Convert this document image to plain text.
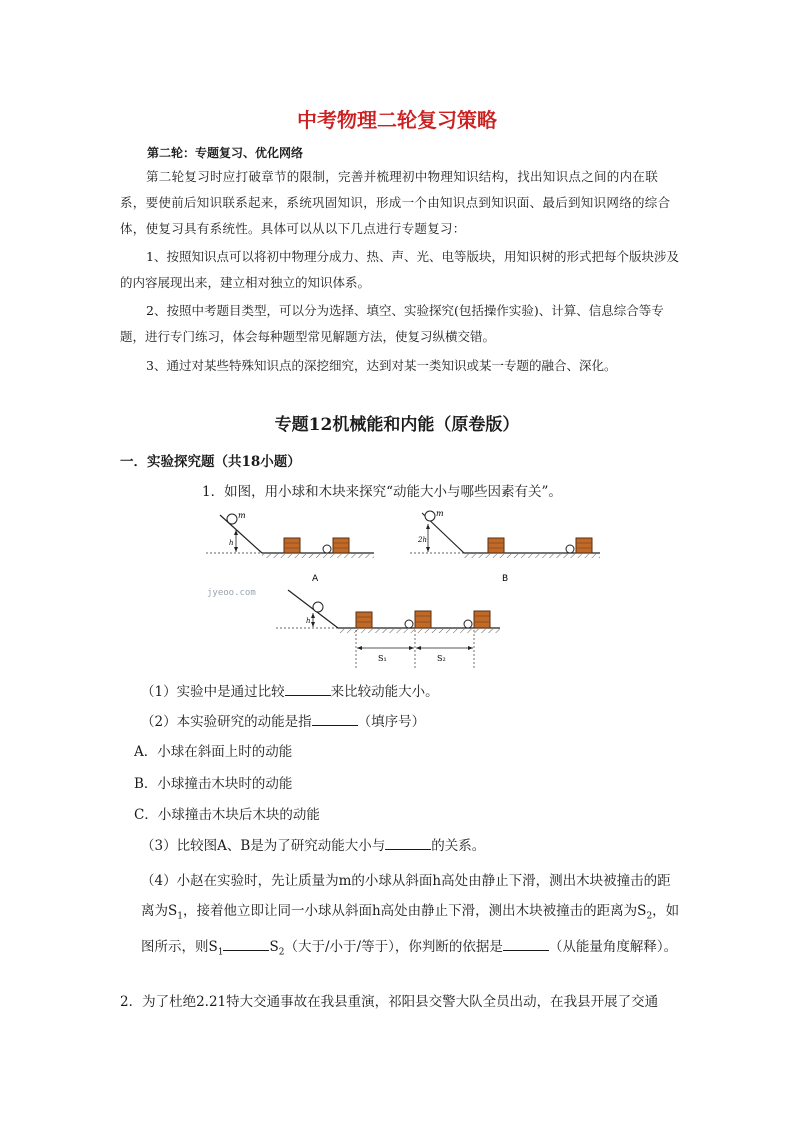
中考物理二轮复习策略
第二轮：专题复习、优化网络
第二轮复习时应打破章节的限制，完善并梳理初中物理知识结构，找出知识点之间的内在联系，要使前后知识联系起来，系统巩固知识，形成一个由知识点到知识面、最后到知识网络的综合体，使复习具有系统性。具体可以从以下几点进行专题复习：
1、按照知识点可以将初中物理分成力、热、声、光、电等版块，用知识树的形式把每个版块涉及的内容展现出来，建立相对独立的知识体系。
2、按照中考题目类型，可以分为选择、填空、实验探究(包括操作实验)、计算、信息综合等专题，进行专门练习，体会每种题型常见解题方法，使复习纵横交错。
3、通过对某些特殊知识点的深挖细究，达到对某一类知识或某一专题的融合、深化。
专题12机械能和内能（原卷版）
一．实验探究题（共18小题）
1．如图，用小球和木块来探究“动能大小与哪些因素有关”。
m
h
A
m
2h
B
h
S₁	S₂
jyeoo.com
（1）实验中是通过比较	来比较动能大小。
（2）本实验研究的动能是指	（填序号）
A．小球在斜面上时的动能
B．小球撞击木块时的动能
C．小球撞击木块后木块的动能
（3）比较图A、B是为了研究动能大小与	的关系。
（4）小赵在实验时，先让质量为m的小球从斜面h高处由静止下滑，测出木块被撞击的距离为$S_1$，接着他立即让同一小球从斜面h高处由静止下滑，测出木块被撞击的距离为$S_2$，如图所示，则$S_1$	$S_2$（大于/小于/等于），你判断的依据是	（从能量角度解释）。
2．为了杜绝2.21特大交通事故在我县重演，祁阳县交警大队全员出动，在我县开展了交通
